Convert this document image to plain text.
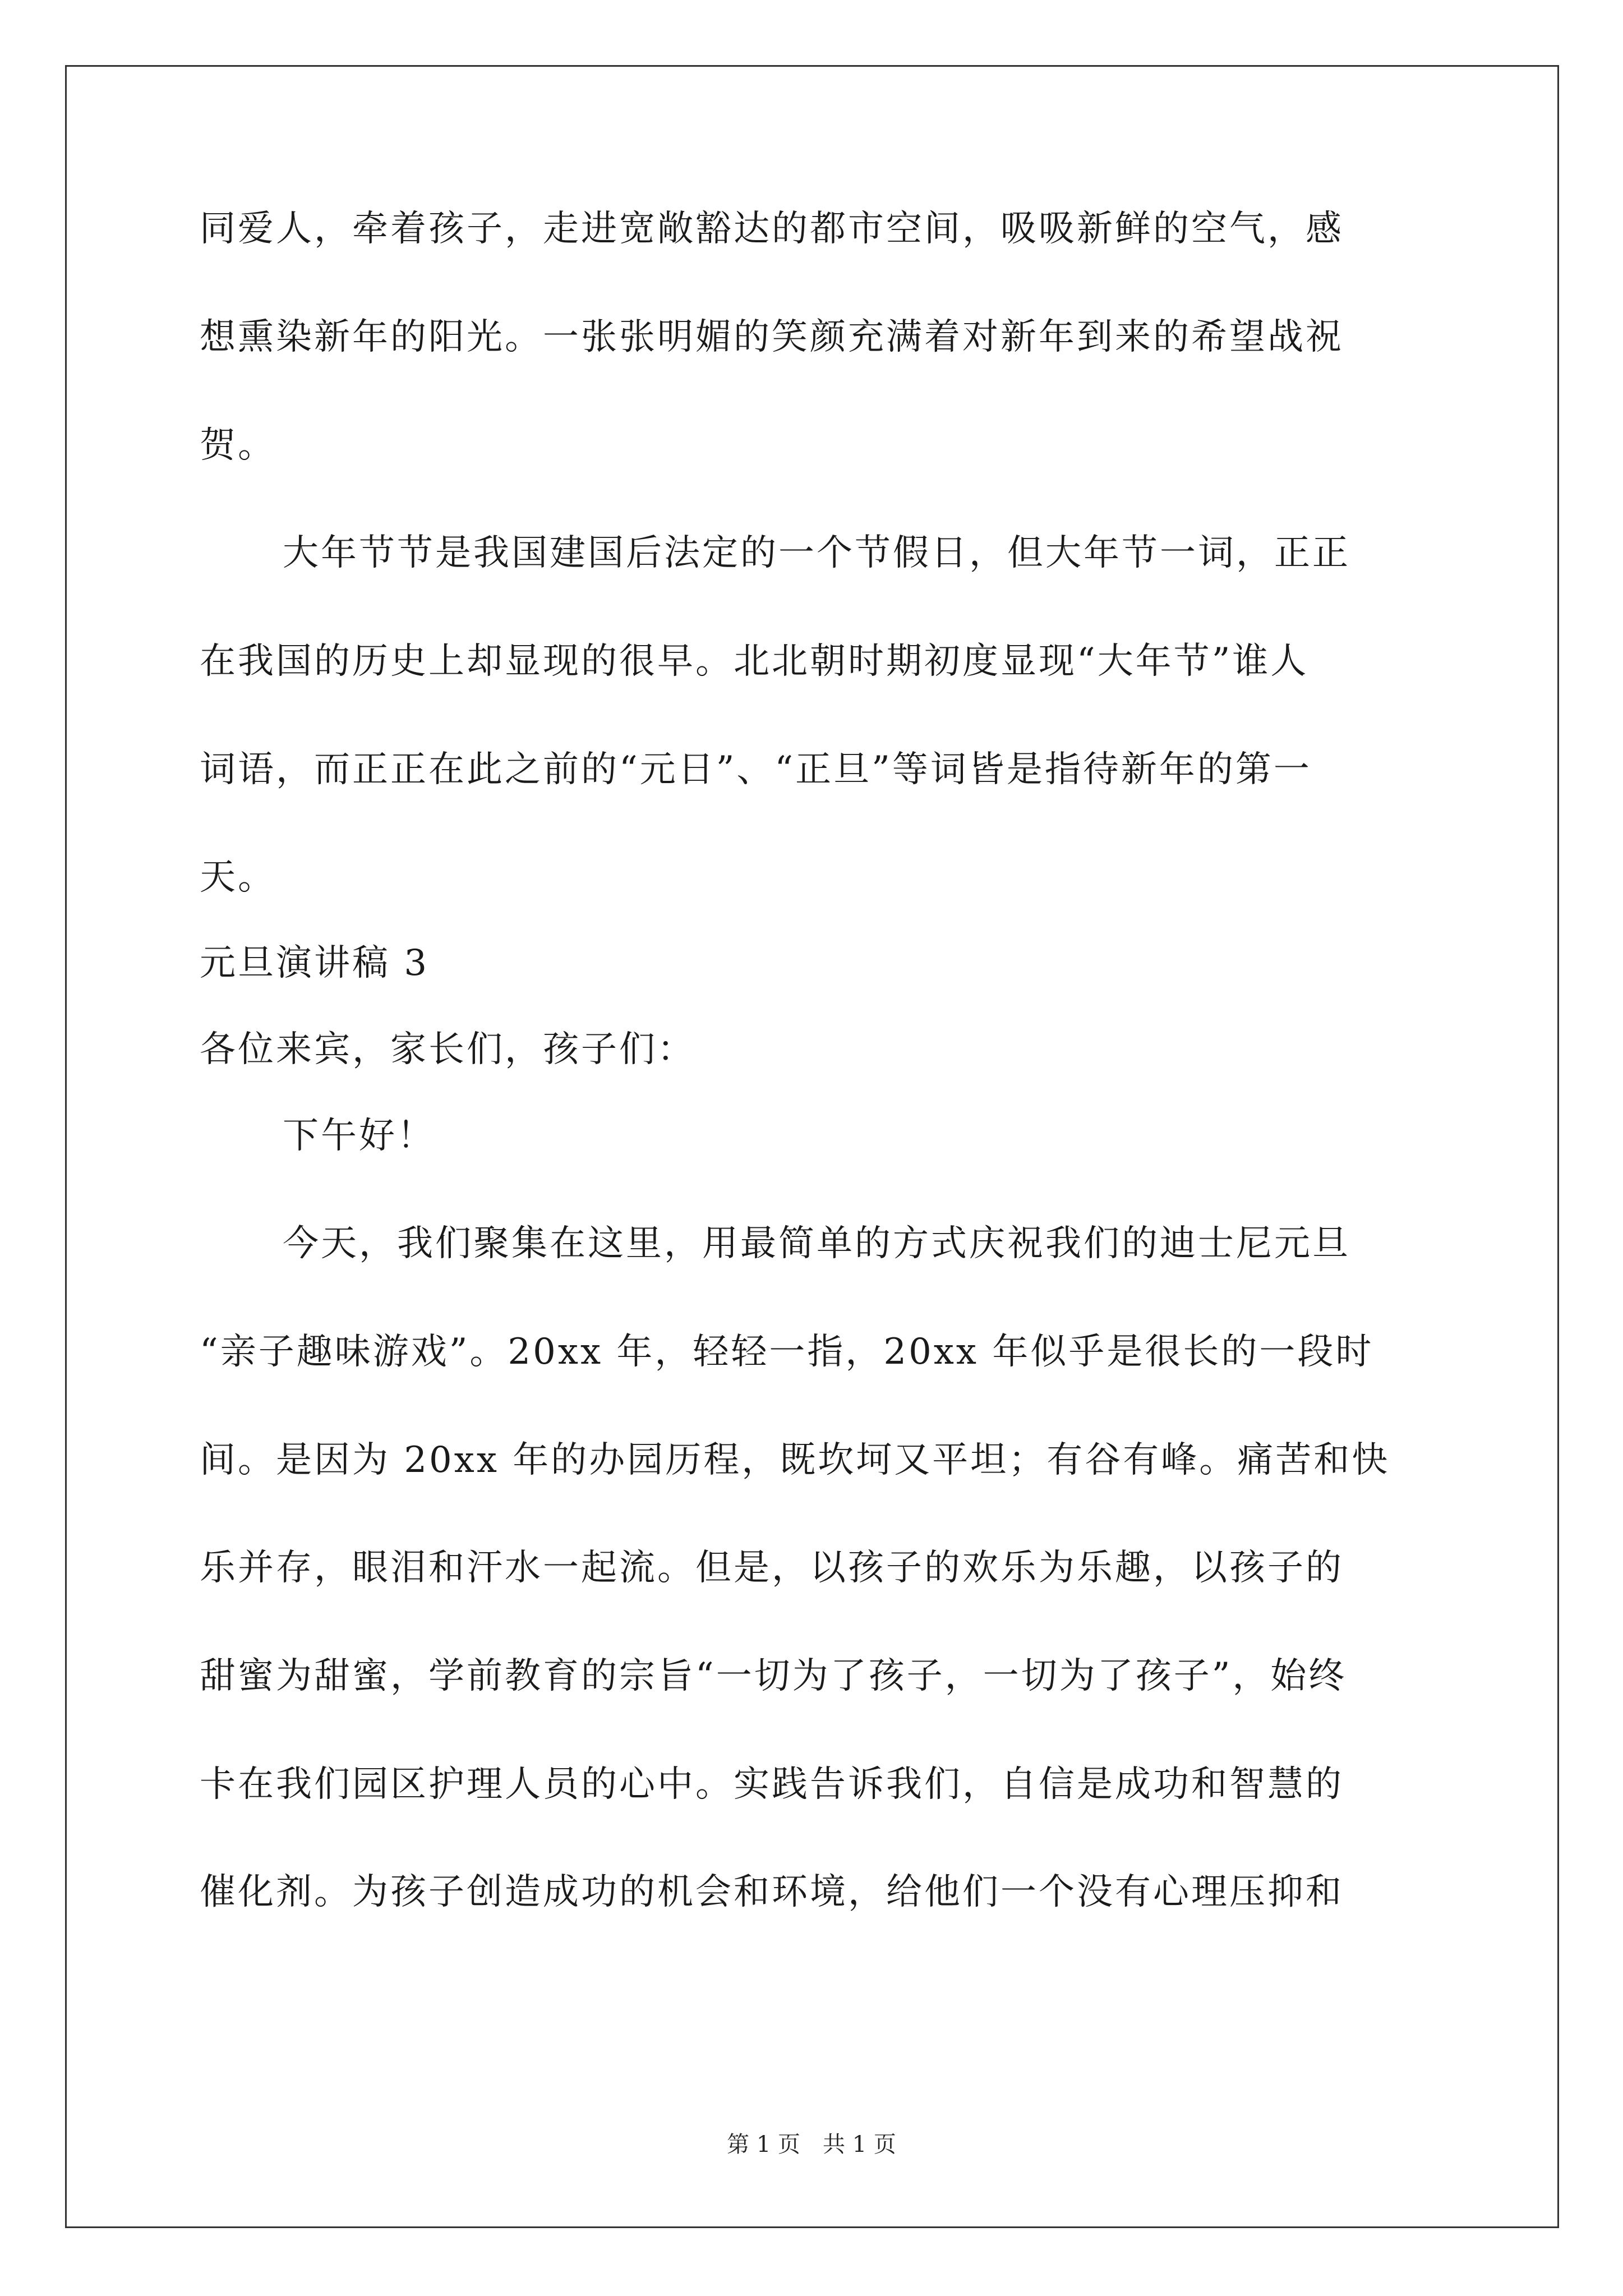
同爱人，牵着孩子，走进宽敞豁达的都市空间，吸吸新鲜的空气，感
想熏染新年的阳光。一张张明媚的笑颜充满着对新年到来的希望战祝
贺。
大年节节是我国建国后法定的一个节假日，但大年节一词，正正
在我国的历史上却显现的很早。北北朝时期初度显现“大年节”谁人
词语，而正正在此之前的“元日”、“正旦”等词皆是指待新年的第一
天。
元旦演讲稿 3
各位来宾，家长们，孩子们：
下午好！
今天，我们聚集在这里，用最简单的方式庆祝我们的迪士尼元旦
“亲子趣味游戏”。20xx 年，轻轻一指，20xx 年似乎是很长的一段时
间。是因为 20xx 年的办园历程，既坎坷又平坦；有谷有峰。痛苦和快
乐并存，眼泪和汗水一起流。但是，以孩子的欢乐为乐趣，以孩子的
甜蜜为甜蜜，学前教育的宗旨“一切为了孩子，一切为了孩子”，始终
卡在我们园区护理人员的心中。实践告诉我们，自信是成功和智慧的
催化剂。为孩子创造成功的机会和环境，给他们一个没有心理压抑和
第 1 页　共 1 页
